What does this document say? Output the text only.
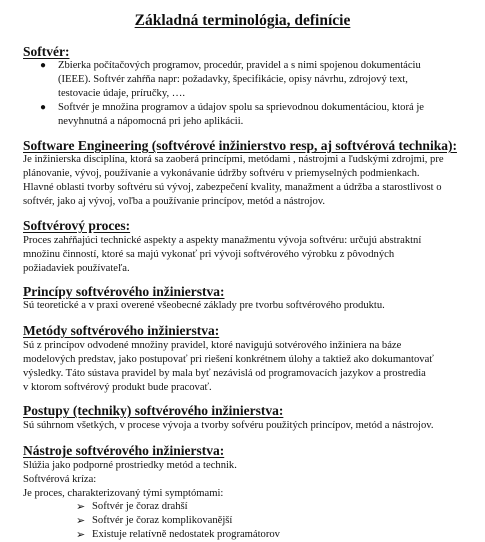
Základná terminológia, definície
Softvér:
● Zbierka počítačových programov, procedúr, pravidel a s nimi spojenou dokumentáciu
(IEEE). Softvér zahŕňa napr: požadavky, špecifikácie, opisy návrhu, zdrojový text,
testovacie údaje, príručky, ….
● Softvér je množina programov a údajov spolu sa sprievodnou dokumentáciou, ktorá je
nevyhnutná a nápomocná pri jeho aplikácii.
Software Engineering (softvérové inžinierstvo resp, aj softvérová technika):
Je inžinierska disciplína, ktorá sa zaoberá princípmi, metódami , nástrojmi a ľudskými zdrojmi, pre
plánovanie, vývoj, používanie a vykonávanie údržby softvéru v priemyselných podmienkach.
Hlavné oblasti tvorby softvéru sú vývoj, zabezpečení kvality, manažment a údržba a starostlivost o
softvér, jako aj vývoj, voľba a používanie princípov, metód a nástrojov.
Softvérový proces:
Proces zahŕňajúci technické aspekty a aspekty manažmentu vývoja softvéru: určujú abstraktní
množinu činností, ktoré sa majú vykonať pri vývoji softvérového výrobku z pôvodných
požiadaviek používateľa.
Princípy softvérového inžinierstva:
Sú teoretické a v praxi overené všeobecné základy pre tvorbu softvérového produktu.
Metódy softvérového inžinierstva:
Sú z princípov odvodené množiny pravidel, ktoré navigujú sotvérového inžiniera na báze
modelových predstav, jako postupovať pri riešení konkrétnem úlohy a taktiež ako dokumantovať
výsledky. Táto sústava pravidel by mala byť nezávislá od programovacích jazykov a prostredia
v ktorom softvérový produkt bude pracovať.
Postupy (techniky) softvérového inžinierstva:
Sú súhrnom všetkých, v procese vývoja a tvorby sofvéru použitých princípov, metód a nástrojov.
Nástroje softvérového inžinierstva:
Slúžia jako podporné prostriedky metód a technik.
Softvérová kríza:
Je proces, charakterizovaný tými symptómami:
➢ Softvér je čoraz drahší
➢ Softvér je čoraz komplikovanější
➢ Existuje relatívně nedostatek programátorov
